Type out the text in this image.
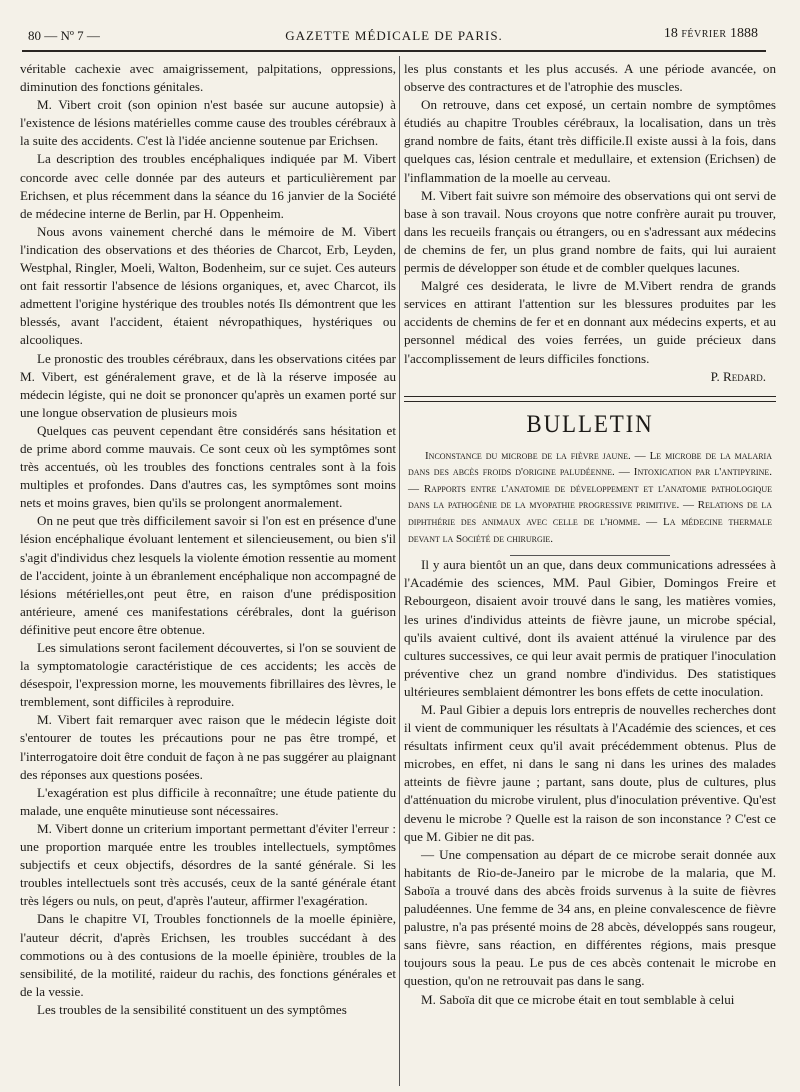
80 — Nº 7 —	GAZETTE MÉDICALE DE PARIS.	18 FÉVRIER 1888

véritable cachexie avec amaigrissement, palpitations, oppressions, diminution des fonctions génitales.

M. Vibert croit (son opinion n'est basée sur aucune autopsie) à l'existence de lésions matérielles comme cause des troubles cérébraux à la suite des accidents. C'est là l'idée ancienne soutenue par Erichsen.

La description des troubles encéphaliques indiquée par M. Vibert concorde avec celle donnée par des auteurs et particulièrement par Erichsen, et plus récemment dans la séance du 16 janvier de la Société de médecine interne de Berlin, par H. Oppenheim.

Nous avons vainement cherché dans le mémoire de M. Vibert l'indication des observations et des théories de Charcot, Erb, Leyden, Westphal, Ringler, Moeli, Walton, Bodenheim, sur ce sujet. Ces auteurs ont fait ressortir l'absence de lésions organiques, et, avec Charcot, ils admettent l'origine hystérique des troubles notés Ils démontrent que les blessés, avant l'accident, étaient névropathiques, hystériques ou alcooliques.

Le pronostic des troubles cérébraux, dans les observations citées par M. Vibert, est généralement grave, et de là la réserve imposée au médecin légiste, qui ne doit se prononcer qu'après un examen porté sur une longue observation de plusieurs mois

Quelques cas peuvent cependant être considérés sans hésitation et de prime abord comme mauvais. Ce sont ceux où les symptômes sont très accentués, où les troubles des fonctions centrales sont à la fois multiples et profondes. Dans d'autres cas, les symptômes sont moins nets et moins graves, bien qu'ils se prolongent anormalement.

On ne peut que très difficilement savoir si l'on est en présence d'une lésion encéphalique évoluant lentement et silencieusement, ou bien s'il s'agit d'individus chez lesquels la violente émotion ressentie au moment de l'accident, jointe à un ébranlement encéphalique non accompagné de lésions métérielles,ont peut être, en raison d'une prédisposition antérieure, amené ces manifestations cérébrales, dont la guérison définitive peut encore être obtenue.

Les simulations seront facilement découvertes, si l'on se souvient de la symptomatologie caractéristique de ces accidents; les accès de désespoir, l'expression morne, les mouvements fibrillaires des lèvres, le tremblement, sont difficiles à reproduire.

M. Vibert fait remarquer avec raison que le médecin légiste doit s'entourer de toutes les précautions pour ne pas être trompé, et l'interrogatoire doit être conduit de façon à ne pas suggérer au plaignant des réponses aux questions posées.

L'exagération est plus difficile à reconnaître; une étude patiente du malade, une enquête minutieuse sont nécessaires.

M. Vibert donne un criterium important permettant d'éviter l'erreur : une proportion marquée entre les troubles intellectuels, symptômes subjectifs et ceux objectifs, désordres de la santé générale. Si les troubles intellectuels sont très accusés, ceux de la santé générale étant très légers ou nuls, on peut, d'après l'auteur, affirmer l'exagération.

Dans le chapitre VI, Troubles fonctionnels de la moelle épinière, l'auteur décrit, d'après Erichsen, les troubles succédant à des commotions ou à des contusions de la moelle épinière, troubles de la sensibilité, de la motilité, raideur du rachis, des fonctions générales et de la vessie.

Les troubles de la sensibilité constituent un des symptômes

les plus constants et les plus accusés. A une période avancée, on observe des contractures et de l'atrophie des muscles.

On retrouve, dans cet exposé, un certain nombre de symptômes étudiés au chapitre Troubles cérébraux, la localisation, dans un très grand nombre de faits, étant très difficile.Il existe aussi à la fois, dans quelques cas, lésion centrale et medullaire, et extension (Erichsen) de l'inflammation de la moelle au cerveau.

M. Vibert fait suivre son mémoire des observations qui ont servi de base à son travail. Nous croyons que notre confrère aurait pu trouver, dans les recueils français ou étrangers, ou en s'adressant aux médecins de chemins de fer, un plus grand nombre de faits, qui lui auraient permis de développer son étude et de combler quelques lacunes.

Malgré ces desiderata, le livre de M.Vibert rendra de grands services en attirant l'attention sur les blessures produites par les accidents de chemins de fer et en donnant aux médecins experts, et au personnel médical des voies ferrées, un guide précieux dans l'accomplissement de leurs difficiles fonctions.

P. Redard.

BULLETIN

Inconstance du microbe de la fièvre jaune. — Le microbe de la malaria dans des abcès froids d'origine paludéenne. — Intoxication par l'antipyrine. — Rapports entre l'anatomie de développement et l'anatomie pathologique dans la pathogénie de la myopathie progressive primitive. — Relations de la diphthérie des animaux avec celle de l'homme. — La médecine thermale devant la Société de chirurgie.

Il y aura bientôt un an que, dans deux communications adressées à l'Académie des sciences, MM. Paul Gibier, Domingos Freire et Rebourgeon, disaient avoir trouvé dans le sang, les matières vomies, les urines d'individus atteints de fièvre jaune, un microbe spécial, qu'ils avaient cultivé, dont ils avaient atténué la virulence par des cultures successives, ce qui leur avait permis de pratiquer l'inoculation préventive chez un grand nombre d'individus. Des statistiques ultérieures semblaient démontrer les bons effets de cette inoculation.

M. Paul Gibier a depuis lors entrepris de nouvelles recherches dont il vient de communiquer les résultats à l'Académie des sciences, et ces résultats infirment ceux qu'il avait précédemment obtenus. Plus de microbes, en effet, ni dans le sang ni dans les urines des malades atteints de fièvre jaune ; partant, sans doute, plus de cultures, plus d'atténuation du microbe virulent, plus d'inoculation préventive. Qu'est devenu le microbe ? Quelle est la raison de son inconstance ? C'est ce que M. Gibier ne dit pas.

— Une compensation au départ de ce microbe serait donnée aux habitants de Rio-de-Janeiro par le microbe de la malaria, que M. Saboïa a trouvé dans des abcès froids survenus à la suite de fièvres paludéennes. Une femme de 34 ans, en pleine convalescence de fièvre palustre, n'a pas présenté moins de 28 abcès, développés sans rougeur, sans fièvre, sans réaction, en différentes régions, mais presque toujours sous la peau. Le pus de ces abcès contenait le microbe en question, qu'on ne retrouvait pas dans le sang.

M. Saboïa dit que ce microbe était en tout semblable à celui
